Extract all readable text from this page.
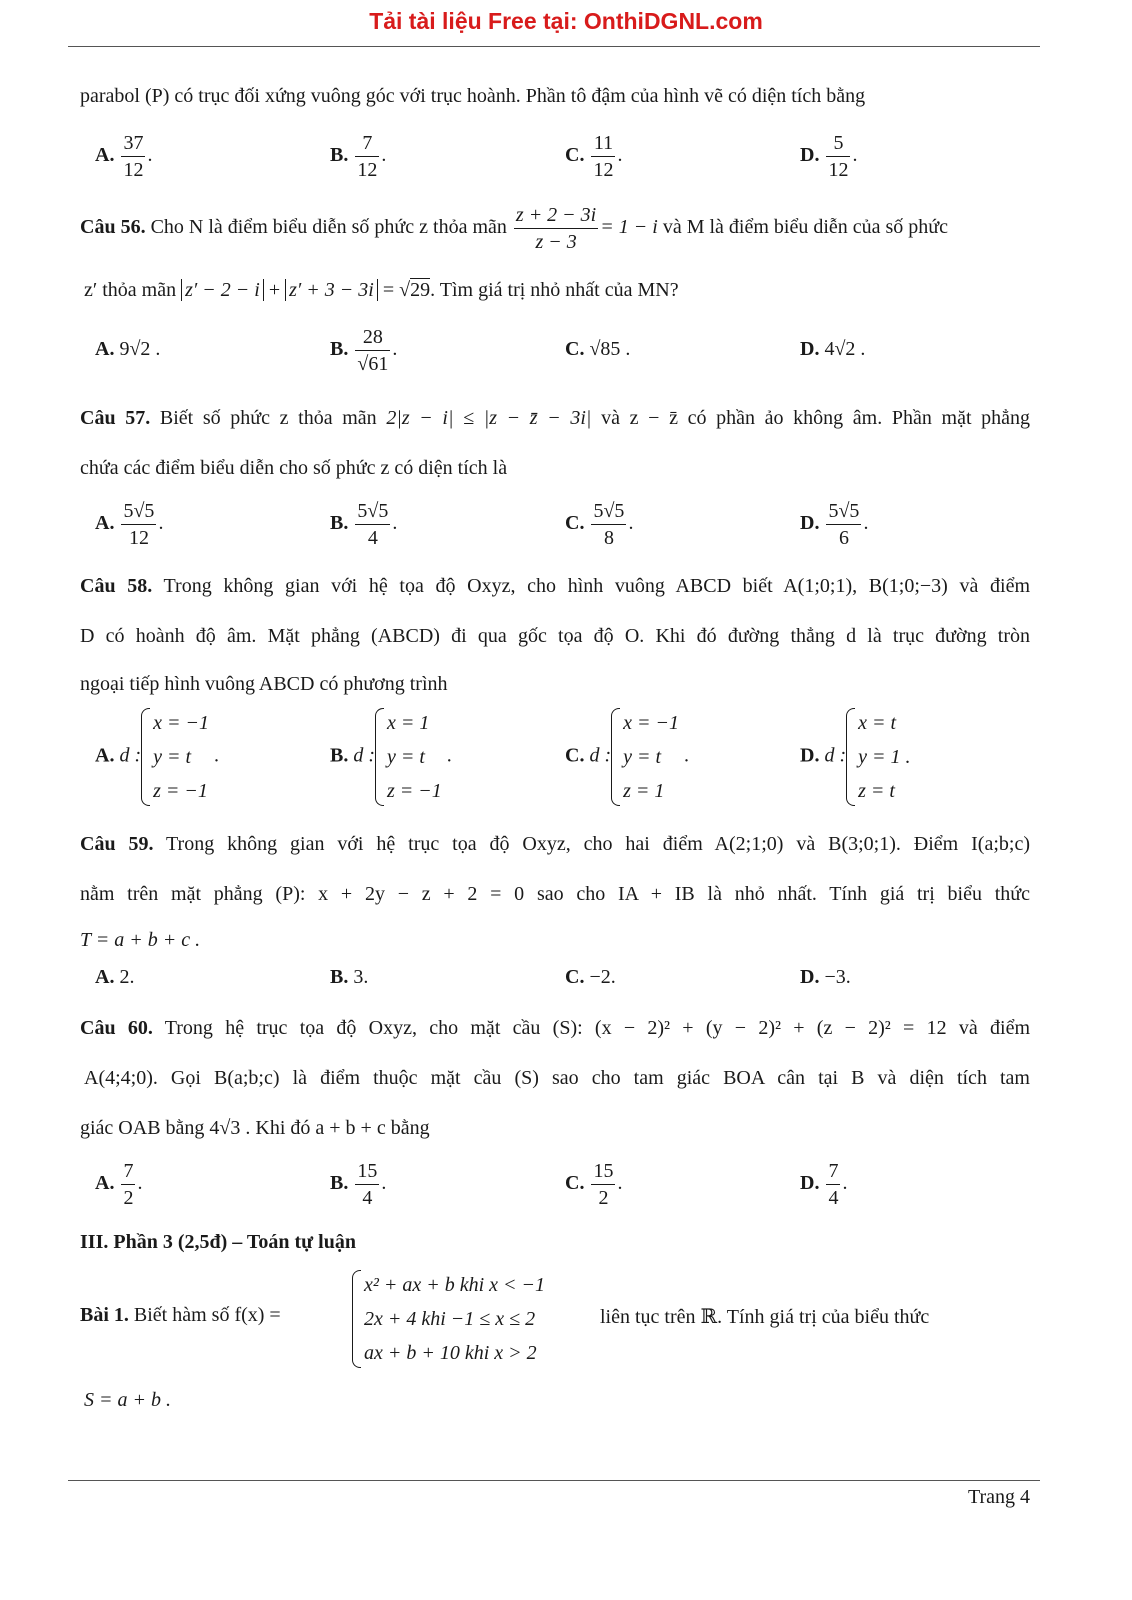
Tải tài liệu Free tại: OnthiDGNL.com
parabol (P) có trục đối xứng vuông góc với trục hoành. Phần tô đậm của hình vẽ có diện tích bằng
A. $\frac{37}{12}$ .	B. $\frac{7}{12}$ .	C. $\frac{11}{12}$ .	D. $\frac{5}{12}$ .
Câu 56. Cho N là điểm biểu diễn số phức z thỏa mãn $\frac{z + 2 - 3i}{z - 3} = 1 - i$ và M là điểm biểu diễn của số phức
z′ thỏa mãn z′ − 2 − i + z′ + 3 − 3i = √29. Tìm giá trị nhỏ nhất của MN?
A. 9√2 .	B. $\frac{28}{√61}$ .	C. √85 .	D. 4√2 .
Câu 57. Biết số phức z thỏa mãn 2|z − i| ≤ |z − z̄ − 3i| và z − z̄ có phần ảo không âm. Phần mặt phẳng
chứa các điểm biểu diễn cho số phức z có diện tích là
A. $\frac{5√5}{12}$ .	B. $\frac{5√5}{4}$ .	C. $\frac{5√5}{8}$ .	D. $\frac{5√5}{6}$ .
Câu 58. Trong không gian với hệ tọa độ Oxyz, cho hình vuông ABCD biết A(1;0;1), B(1;0;−3) và điểm
D có hoành độ âm. Mặt phẳng (ABCD) đi qua gốc tọa độ O. Khi đó đường thẳng d là trục đường tròn
ngoại tiếp hình vuông ABCD có phương trình
A. d :
x = −1
y = t
z = −1
.	B. d :
x = 1
y = t
z = −1
.	C. d :
x = −1
y = t
z = 1
.	D. d :
x = t
y = 1 .
z = t
Câu 59. Trong không gian với hệ trục tọa độ Oxyz, cho hai điểm A(2;1;0) và B(3;0;1). Điểm I(a;b;c)
nằm trên mặt phẳng (P): x + 2y − z + 2 = 0 sao cho IA + IB là nhỏ nhất. Tính giá trị biểu thức
T = a + b + c .
A. 2.	B. 3.	C. −2.	D. −3.
Câu 60. Trong hệ trục tọa độ Oxyz, cho mặt cầu (S): (x − 2)² + (y − 2)² + (z − 2)² = 12 và điểm
A(4;4;0). Gọi B(a;b;c) là điểm thuộc mặt cầu (S) sao cho tam giác BOA cân tại B và diện tích tam
giác OAB bằng 4√3 . Khi đó a + b + c bằng
A. $\frac{7}{2}$ .	B. $\frac{15}{4}$ .	C. $\frac{15}{2}$ .	D. $\frac{7}{4}$ .
III. Phần 3 (2,5đ) – Toán tự luận
Bài 1. Biết hàm số f(x) =
x² + ax + b khi x < −1
2x + 4 khi −1 ≤ x ≤ 2
ax + b + 10 khi x > 2
liên tục trên ℝ. Tính giá trị của biểu thức
S = a + b .
Trang 4
